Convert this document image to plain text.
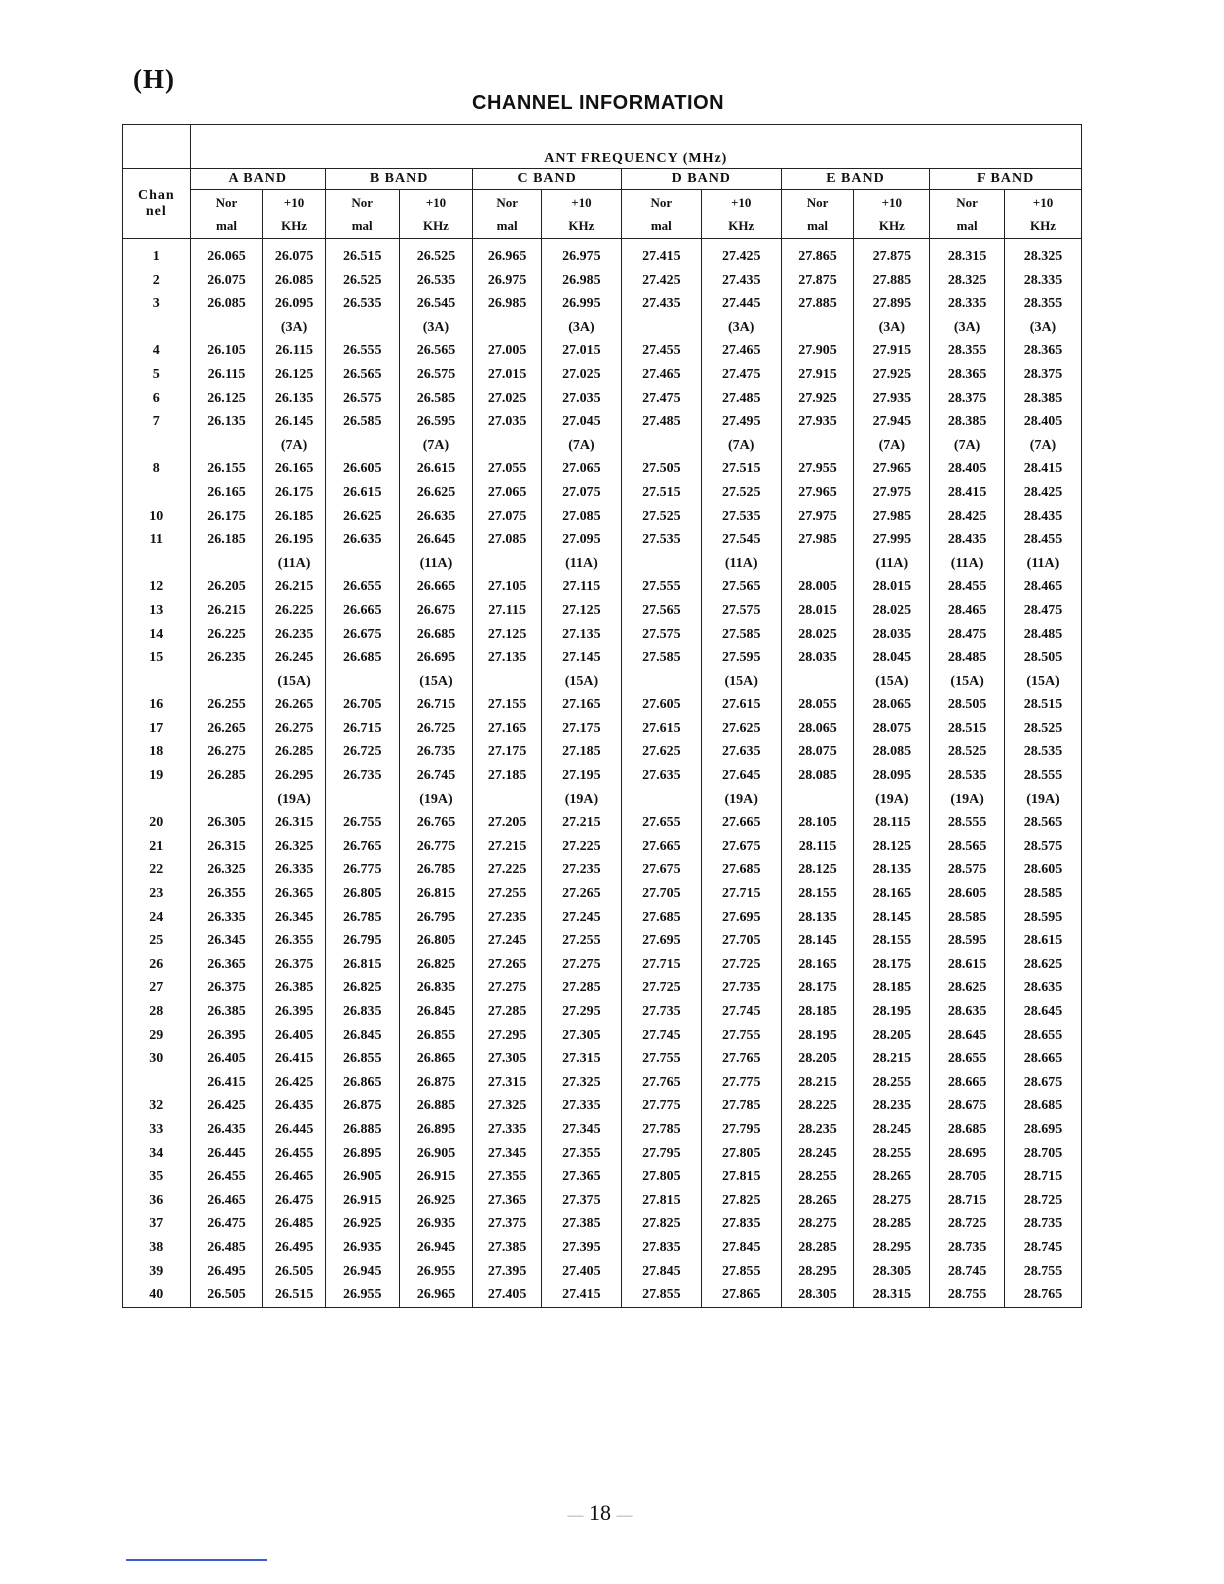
(H)
CHANNEL INFORMATION
	ANT FREQUENCY (MHz)											
Chan
nel	A BAND		B BAND		C BAND		D BAND		E BAND		F BAND	
	Nor
mal	+10
KHz	Nor
mal	+10
KHz	Nor
mal	+10
KHz	Nor
mal	+10
KHz	Nor
mal	+10
KHz	Nor
mal	+10
KHz
1	26.065	26.075	26.515	26.525	26.965	26.975	27.415	27.425	27.865	27.875	28.315	28.325
2	26.075	26.085	26.525	26.535	26.975	26.985	27.425	27.435	27.875	27.885	28.325	28.335
3	26.085	26.095	26.535	26.545	26.985	26.995	27.435	27.445	27.885	27.895	28.335	28.355
		(3A)		(3A)		(3A)		(3A)		(3A)	(3A)	(3A)
4	26.105	26.115	26.555	26.565	27.005	27.015	27.455	27.465	27.905	27.915	28.355	28.365
5	26.115	26.125	26.565	26.575	27.015	27.025	27.465	27.475	27.915	27.925	28.365	28.375
6	26.125	26.135	26.575	26.585	27.025	27.035	27.475	27.485	27.925	27.935	28.375	28.385
7	26.135	26.145	26.585	26.595	27.035	27.045	27.485	27.495	27.935	27.945	28.385	28.405
		(7A)		(7A)		(7A)		(7A)		(7A)	(7A)	(7A)
8	26.155	26.165	26.605	26.615	27.055	27.065	27.505	27.515	27.955	27.965	28.405	28.415
	26.165	26.175	26.615	26.625	27.065	27.075	27.515	27.525	27.965	27.975	28.415	28.425
10	26.175	26.185	26.625	26.635	27.075	27.085	27.525	27.535	27.975	27.985	28.425	28.435
11	26.185	26.195	26.635	26.645	27.085	27.095	27.535	27.545	27.985	27.995	28.435	28.455
		(11A)		(11A)		(11A)		(11A)		(11A)	(11A)	(11A)
12	26.205	26.215	26.655	26.665	27.105	27.115	27.555	27.565	28.005	28.015	28.455	28.465
13	26.215	26.225	26.665	26.675	27.115	27.125	27.565	27.575	28.015	28.025	28.465	28.475
14	26.225	26.235	26.675	26.685	27.125	27.135	27.575	27.585	28.025	28.035	28.475	28.485
15	26.235	26.245	26.685	26.695	27.135	27.145	27.585	27.595	28.035	28.045	28.485	28.505
		(15A)		(15A)		(15A)		(15A)		(15A)	(15A)	(15A)
16	26.255	26.265	26.705	26.715	27.155	27.165	27.605	27.615	28.055	28.065	28.505	28.515
17	26.265	26.275	26.715	26.725	27.165	27.175	27.615	27.625	28.065	28.075	28.515	28.525
18	26.275	26.285	26.725	26.735	27.175	27.185	27.625	27.635	28.075	28.085	28.525	28.535
19	26.285	26.295	26.735	26.745	27.185	27.195	27.635	27.645	28.085	28.095	28.535	28.555
		(19A)		(19A)		(19A)		(19A)		(19A)	(19A)	(19A)
20	26.305	26.315	26.755	26.765	27.205	27.215	27.655	27.665	28.105	28.115	28.555	28.565
21	26.315	26.325	26.765	26.775	27.215	27.225	27.665	27.675	28.115	28.125	28.565	28.575
22	26.325	26.335	26.775	26.785	27.225	27.235	27.675	27.685	28.125	28.135	28.575	28.605
23	26.355	26.365	26.805	26.815	27.255	27.265	27.705	27.715	28.155	28.165	28.605	28.585
24	26.335	26.345	26.785	26.795	27.235	27.245	27.685	27.695	28.135	28.145	28.585	28.595
25	26.345	26.355	26.795	26.805	27.245	27.255	27.695	27.705	28.145	28.155	28.595	28.615
26	26.365	26.375	26.815	26.825	27.265	27.275	27.715	27.725	28.165	28.175	28.615	28.625
27	26.375	26.385	26.825	26.835	27.275	27.285	27.725	27.735	28.175	28.185	28.625	28.635
28	26.385	26.395	26.835	26.845	27.285	27.295	27.735	27.745	28.185	28.195	28.635	28.645
29	26.395	26.405	26.845	26.855	27.295	27.305	27.745	27.755	28.195	28.205	28.645	28.655
30	26.405	26.415	26.855	26.865	27.305	27.315	27.755	27.765	28.205	28.215	28.655	28.665
	26.415	26.425	26.865	26.875	27.315	27.325	27.765	27.775	28.215	28.255	28.665	28.675
32	26.425	26.435	26.875	26.885	27.325	27.335	27.775	27.785	28.225	28.235	28.675	28.685
33	26.435	26.445	26.885	26.895	27.335	27.345	27.785	27.795	28.235	28.245	28.685	28.695
34	26.445	26.455	26.895	26.905	27.345	27.355	27.795	27.805	28.245	28.255	28.695	28.705
35	26.455	26.465	26.905	26.915	27.355	27.365	27.805	27.815	28.255	28.265	28.705	28.715
36	26.465	26.475	26.915	26.925	27.365	27.375	27.815	27.825	28.265	28.275	28.715	28.725
37	26.475	26.485	26.925	26.935	27.375	27.385	27.825	27.835	28.275	28.285	28.725	28.735
38	26.485	26.495	26.935	26.945	27.385	27.395	27.835	27.845	28.285	28.295	28.735	28.745
39	26.495	26.505	26.945	26.955	27.395	27.405	27.845	27.855	28.295	28.305	28.745	28.755
40	26.505	26.515	26.955	26.965	27.405	27.415	27.855	27.865	28.305	28.315	28.755	28.765
— 18 —
